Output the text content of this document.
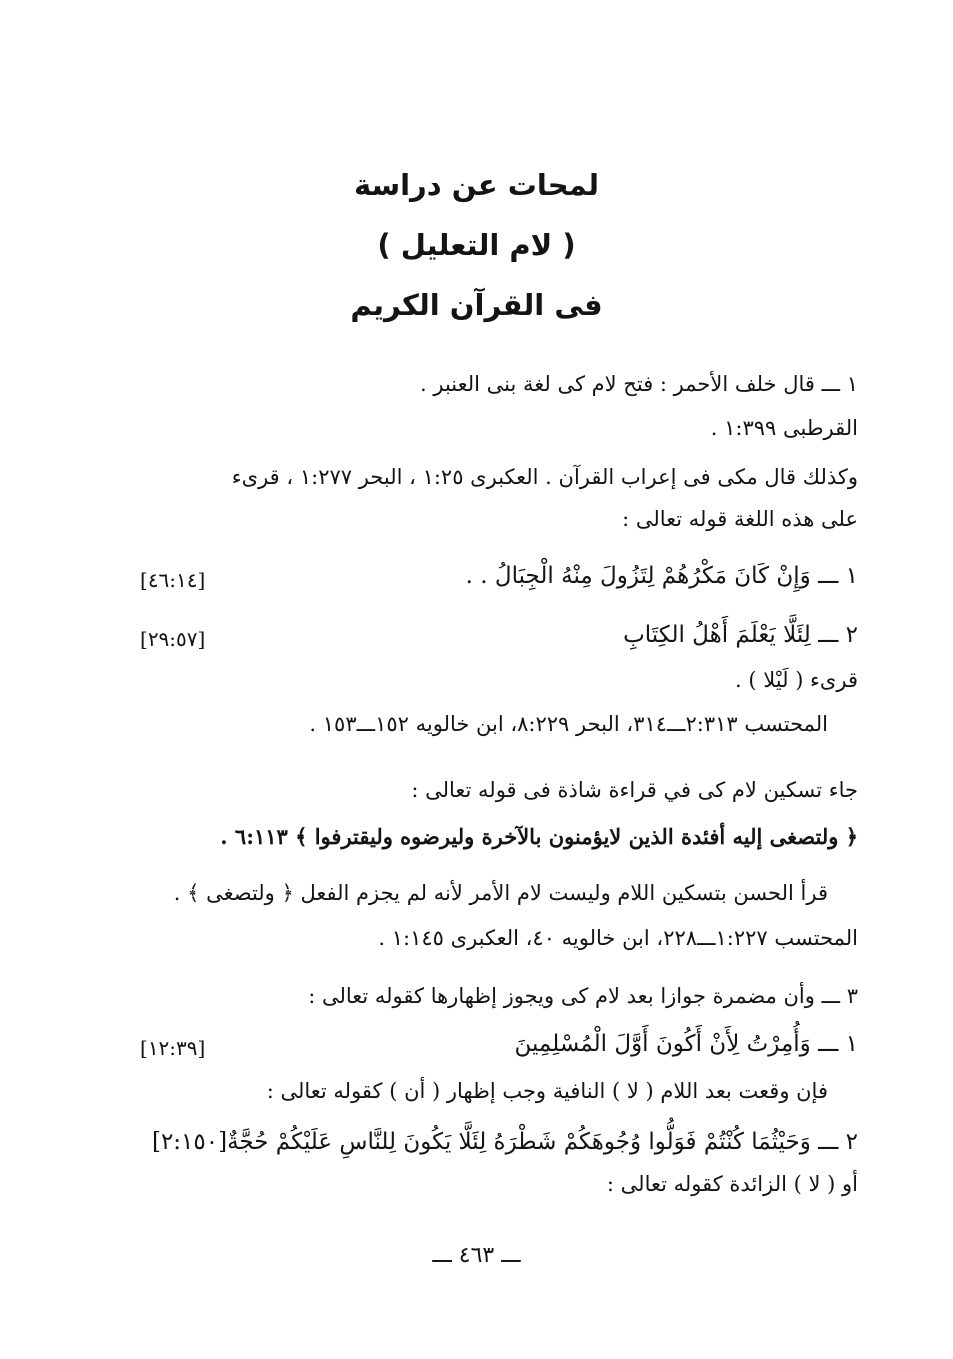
لمحات عن دراسة
( لام التعليل )
فى القرآن الكريم
١ ـــ قال خلف الأحمر : فتح لام كى لغة بنى العنبر .
القرطبى ١:٣٩٩ .
وكذلك قال مكى فى إعراب القرآن . العكبرى ١:٢٥ ، البحر ١:٢٧٧ ، قرىء
على هذه اللغة قوله تعالى :
١ ـــ وَإِنْ كَانَ مَكْرُهُمْ لِتَزُولَ مِنْهُ الْجِبَالُ . .
[٤٦:١٤]
٢ ـــ لِئَلَّا يَعْلَمَ أَهْلُ الكِتَابِ
[٢٩:٥٧]
قرىء ( لَيْلا ) .
المحتسب ٢:٣١٣ـــ٣١٤، البحر ٨:٢٢٩، ابن خالويه ١٥٢ـــ١٥٣ .
جاء تسكين لام كى في قراءة شاذة فى قوله تعالى :
﴿ ولتصغى إليه أفئدة الذين لايؤمنون بالآخرة وليرضوه وليقترفوا ﴾ ٦:١١٣ .
قرأ الحسن بتسكين اللام وليست لام الأمر لأنه لم يجزم الفعل ﴿ ولتصغى ﴾ .
المحتسب ١:٢٢٧ـــ٢٢٨، ابن خالويه ٤٠، العكبرى ١:١٤٥ .
٣ ـــ وأن مضمرة جوازا بعد لام كى ويجوز إظهارها كقوله تعالى :
١ ـــ وَأُمِرْتُ لِأَنْ أَكُونَ أَوَّلَ الْمُسْلِمِينَ
[١٢:٣٩]
فإن وقعت بعد اللام ( لا ) النافية وجب إظهار ( أن ) كقوله تعالى :
٢ ـــ وَحَيْثُمَا كُنْتُمْ فَوَلُّوا وُجُوهَكُمْ شَطْرَهُ لِئَلَّا يَكُونَ لِلنَّاسِ عَلَيْكُمْ حُجَّةٌ[٢:١٥٠]
أو ( لا ) الزائدة كقوله تعالى :
ـــ ٤٦٣ ـــ
